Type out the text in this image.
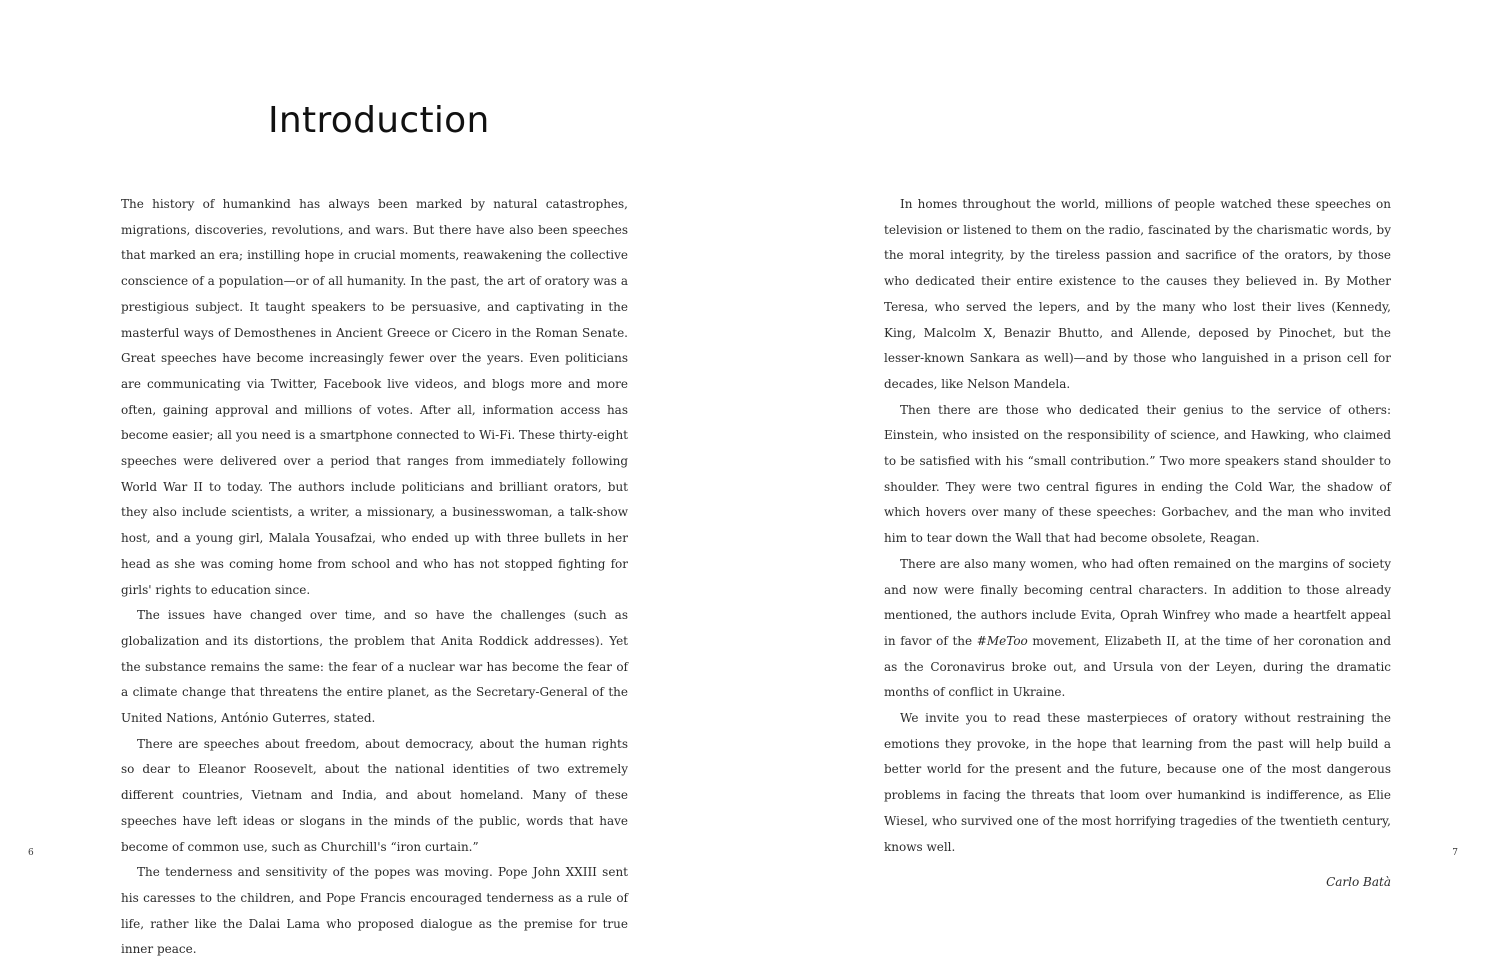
Introduction

The history of humankind has always been marked by natural catastrophes, migrations, discoveries, revolutions, and wars. But there have also been speeches that marked an era; instilling hope in crucial moments, reawakening the collective conscience of a population—or of all humanity. In the past, the art of oratory was a prestigious subject. It taught speakers to be persuasive, and captivating in the masterful ways of Demosthenes in Ancient Greece or Cicero in the Roman Senate. Great speeches have become increasingly fewer over the years. Even politicians are communicating via Twitter, Facebook live videos, and blogs more and more often, gaining approval and millions of votes. After all, information access has become easier; all you need is a smartphone connected to Wi-Fi. These thirty-eight speeches were delivered over a period that ranges from immediately following World War II to today. The authors include politicians and brilliant orators, but they also include scientists, a writer, a missionary, a businesswoman, a talk-show host, and a young girl, Malala Yousafzai, who ended up with three bullets in her head as she was coming home from school and who has not stopped fighting for girls' rights to education since.

The issues have changed over time, and so have the challenges (such as globalization and its distortions, the problem that Anita Roddick addresses). Yet the substance remains the same: the fear of a nuclear war has become the fear of a climate change that threatens the entire planet, as the Secretary-General of the United Nations, António Guterres, stated.

There are speeches about freedom, about democracy, about the human rights so dear to Eleanor Roosevelt, about the national identities of two extremely different countries, Vietnam and India, and about homeland. Many of these speeches have left ideas or slogans in the minds of the public, words that have become of common use, such as Churchill's “iron curtain.”

The tenderness and sensitivity of the popes was moving. Pope John XXIII sent his caresses to the children, and Pope Francis encouraged tenderness as a rule of life, rather like the Dalai Lama who proposed dialogue as the premise for true inner peace.

6

In homes throughout the world, millions of people watched these speeches on television or listened to them on the radio, fascinated by the charismatic words, by the moral integrity, by the tireless passion and sacrifice of the orators, by those who dedicated their entire existence to the causes they believed in. By Mother Teresa, who served the lepers, and by the many who lost their lives (Kennedy, King, Malcolm X, Benazir Bhutto, and Allende, deposed by Pinochet, but the lesser-known Sankara as well)—and by those who languished in a prison cell for decades, like Nelson Mandela.

Then there are those who dedicated their genius to the service of others: Einstein, who insisted on the responsibility of science, and Hawking, who claimed to be satisfied with his “small contribution.” Two more speakers stand shoulder to shoulder. They were two central figures in ending the Cold War, the shadow of which hovers over many of these speeches: Gorbachev, and the man who invited him to tear down the Wall that had become obsolete, Reagan.

There are also many women, who had often remained on the margins of society and now were finally becoming central characters. In addition to those already mentioned, the authors include Evita, Oprah Winfrey who made a heartfelt appeal in favor of the #MeToo movement, Elizabeth II, at the time of her coronation and as the Coronavirus broke out, and Ursula von der Leyen, during the dramatic months of conflict in Ukraine.

We invite you to read these masterpieces of oratory without restraining the emotions they provoke, in the hope that learning from the past will help build a better world for the present and the future, because one of the most dangerous problems in facing the threats that loom over humankind is indifference, as Elie Wiesel, who survived one of the most horrifying tragedies of the twentieth century, knows well.

Carlo Batà

7
